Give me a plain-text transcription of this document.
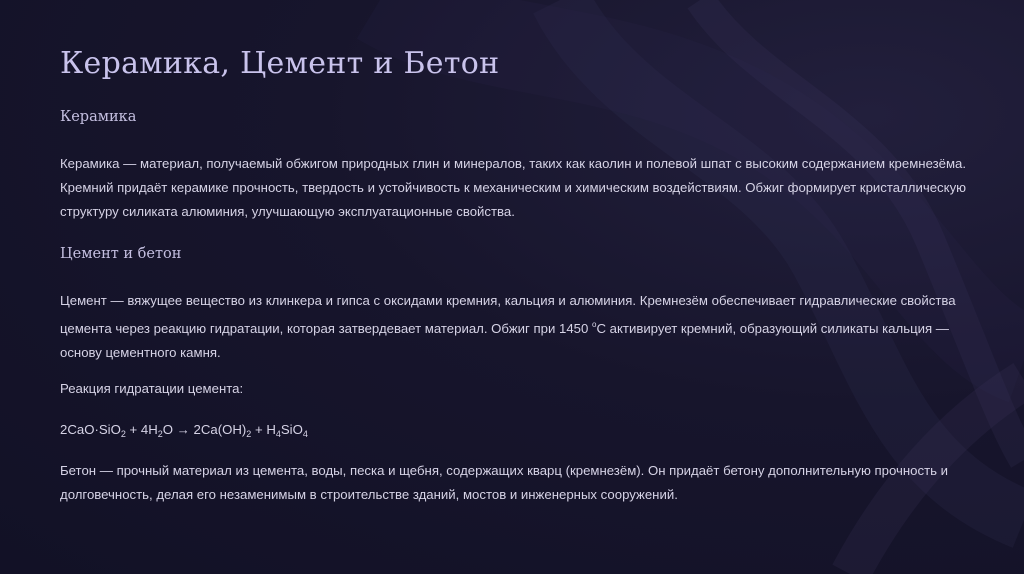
Керамика, Цемент и Бетон
Керамика

Керамика — материал, получаемый обжигом природных глин и минералов, таких как каолин и полевой шпат с высоким содержанием кремнезёма. Кремний придаёт керамике прочность, твердость и устойчивость к механическим и химическим воздействиям. Обжиг формирует кристаллическую структуру силиката алюминия, улучшающую эксплуатационные свойства.

Цемент и бетон

Цемент — вяжущее вещество из клинкера и гипса с оксидами кремния, кальция и алюминия. Кремнезём обеспечивает гидравлические свойства цемента через реакцию гидратации, которая затвердевает материал. Обжиг при 1450 $^o$C активирует кремний, образующий силикаты кальция — основу цементного камня.

Реакция гидратации цемента:

$2CaO\cdot SiO_2 + 4H_2O \to 2Ca(OH)_2 + H_4SiO_4$

Бетон — прочный материал из цемента, воды, песка и щебня, содержащих кварц (кремнезём). Он придаёт бетону дополнительную прочность и долговечность, делая его незаменимым в строительстве зданий, мостов и инженерных сооружений.
